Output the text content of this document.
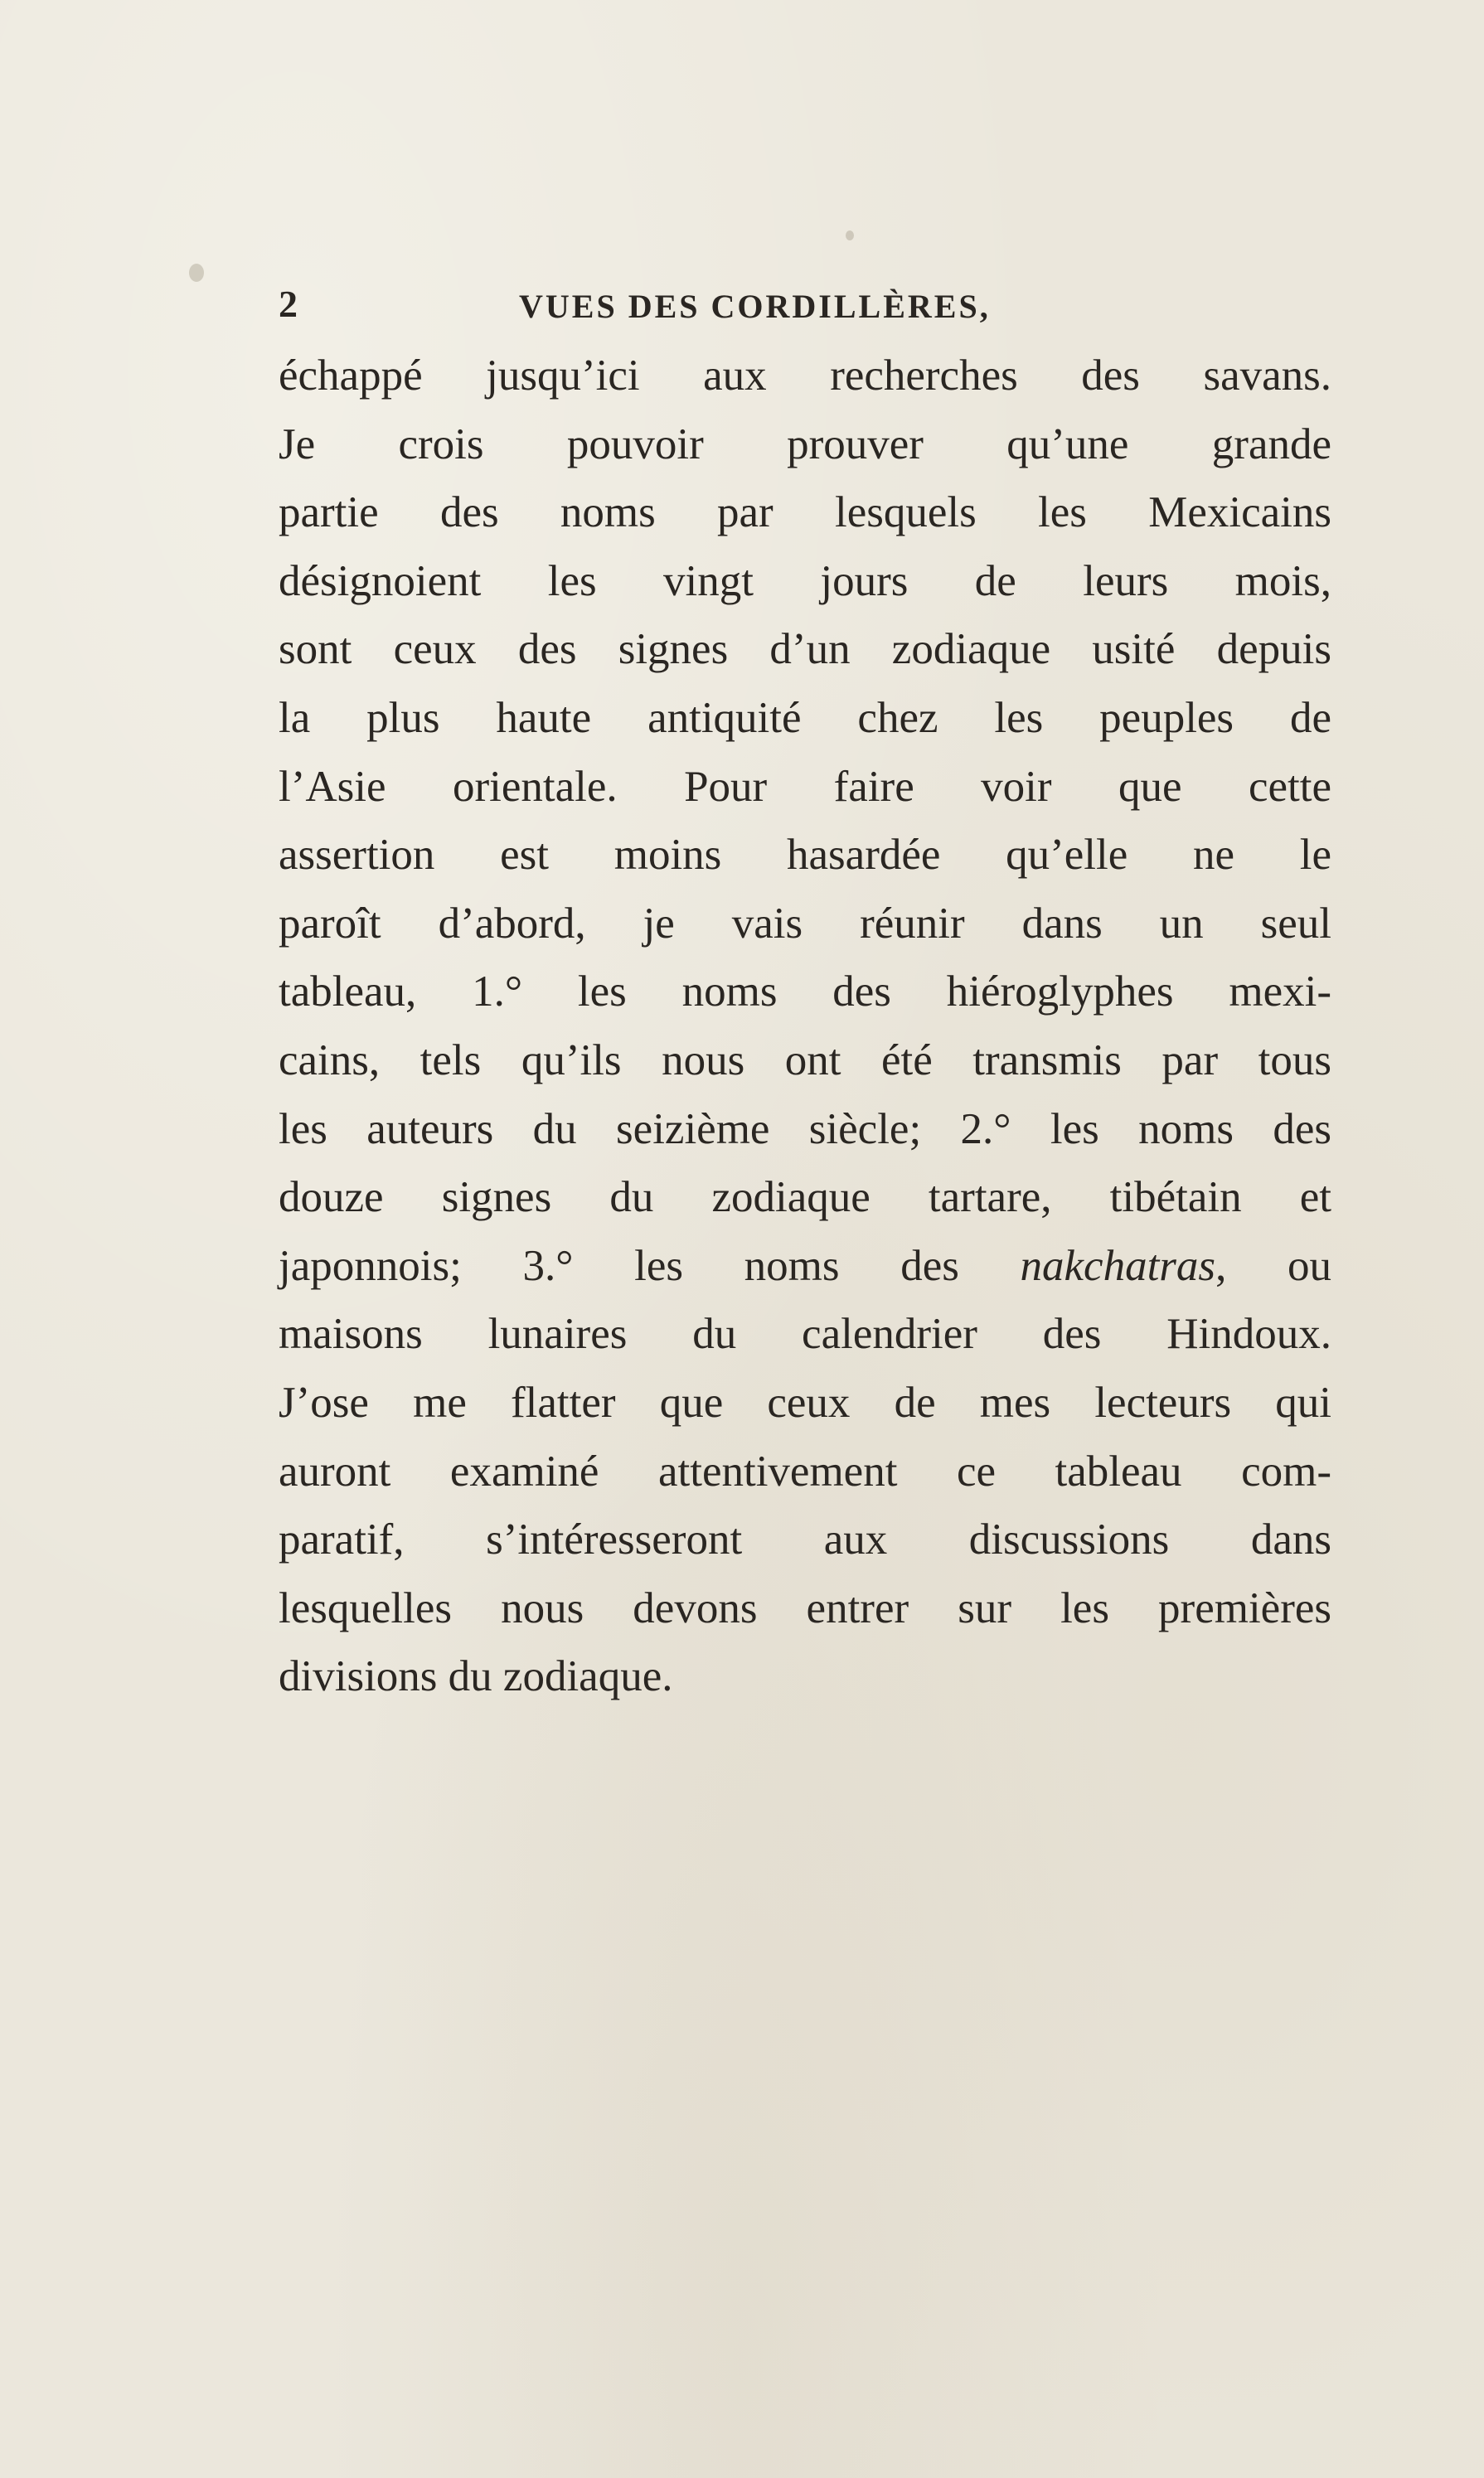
2	VUES DES CORDILLÈRES,
échappé jusqu’ici aux recherches des savans.
Je crois pouvoir prouver qu’une grande
partie des noms par lesquels les Mexicains
désignoient les vingt jours de leurs mois,
sont ceux des signes d’un zodiaque usité depuis
la plus haute antiquité chez les peuples de
l’Asie orientale. Pour faire voir que cette
assertion est moins hasardée qu’elle ne le
paroît d’abord, je vais réunir dans un seul
tableau, 1.° les noms des hiéroglyphes mexi-
cains, tels qu’ils nous ont été transmis par tous
les auteurs du seizième siècle; 2.° les noms des
douze signes du zodiaque tartare, tibétain et
japonnois; 3.° les noms des nakchatras, ou
maisons lunaires du calendrier des Hindoux.
J’ose me flatter que ceux de mes lecteurs qui
auront examiné attentivement ce tableau com-
paratif, s’intéresseront aux discussions dans
lesquelles nous devons entrer sur les premières
divisions du zodiaque.
